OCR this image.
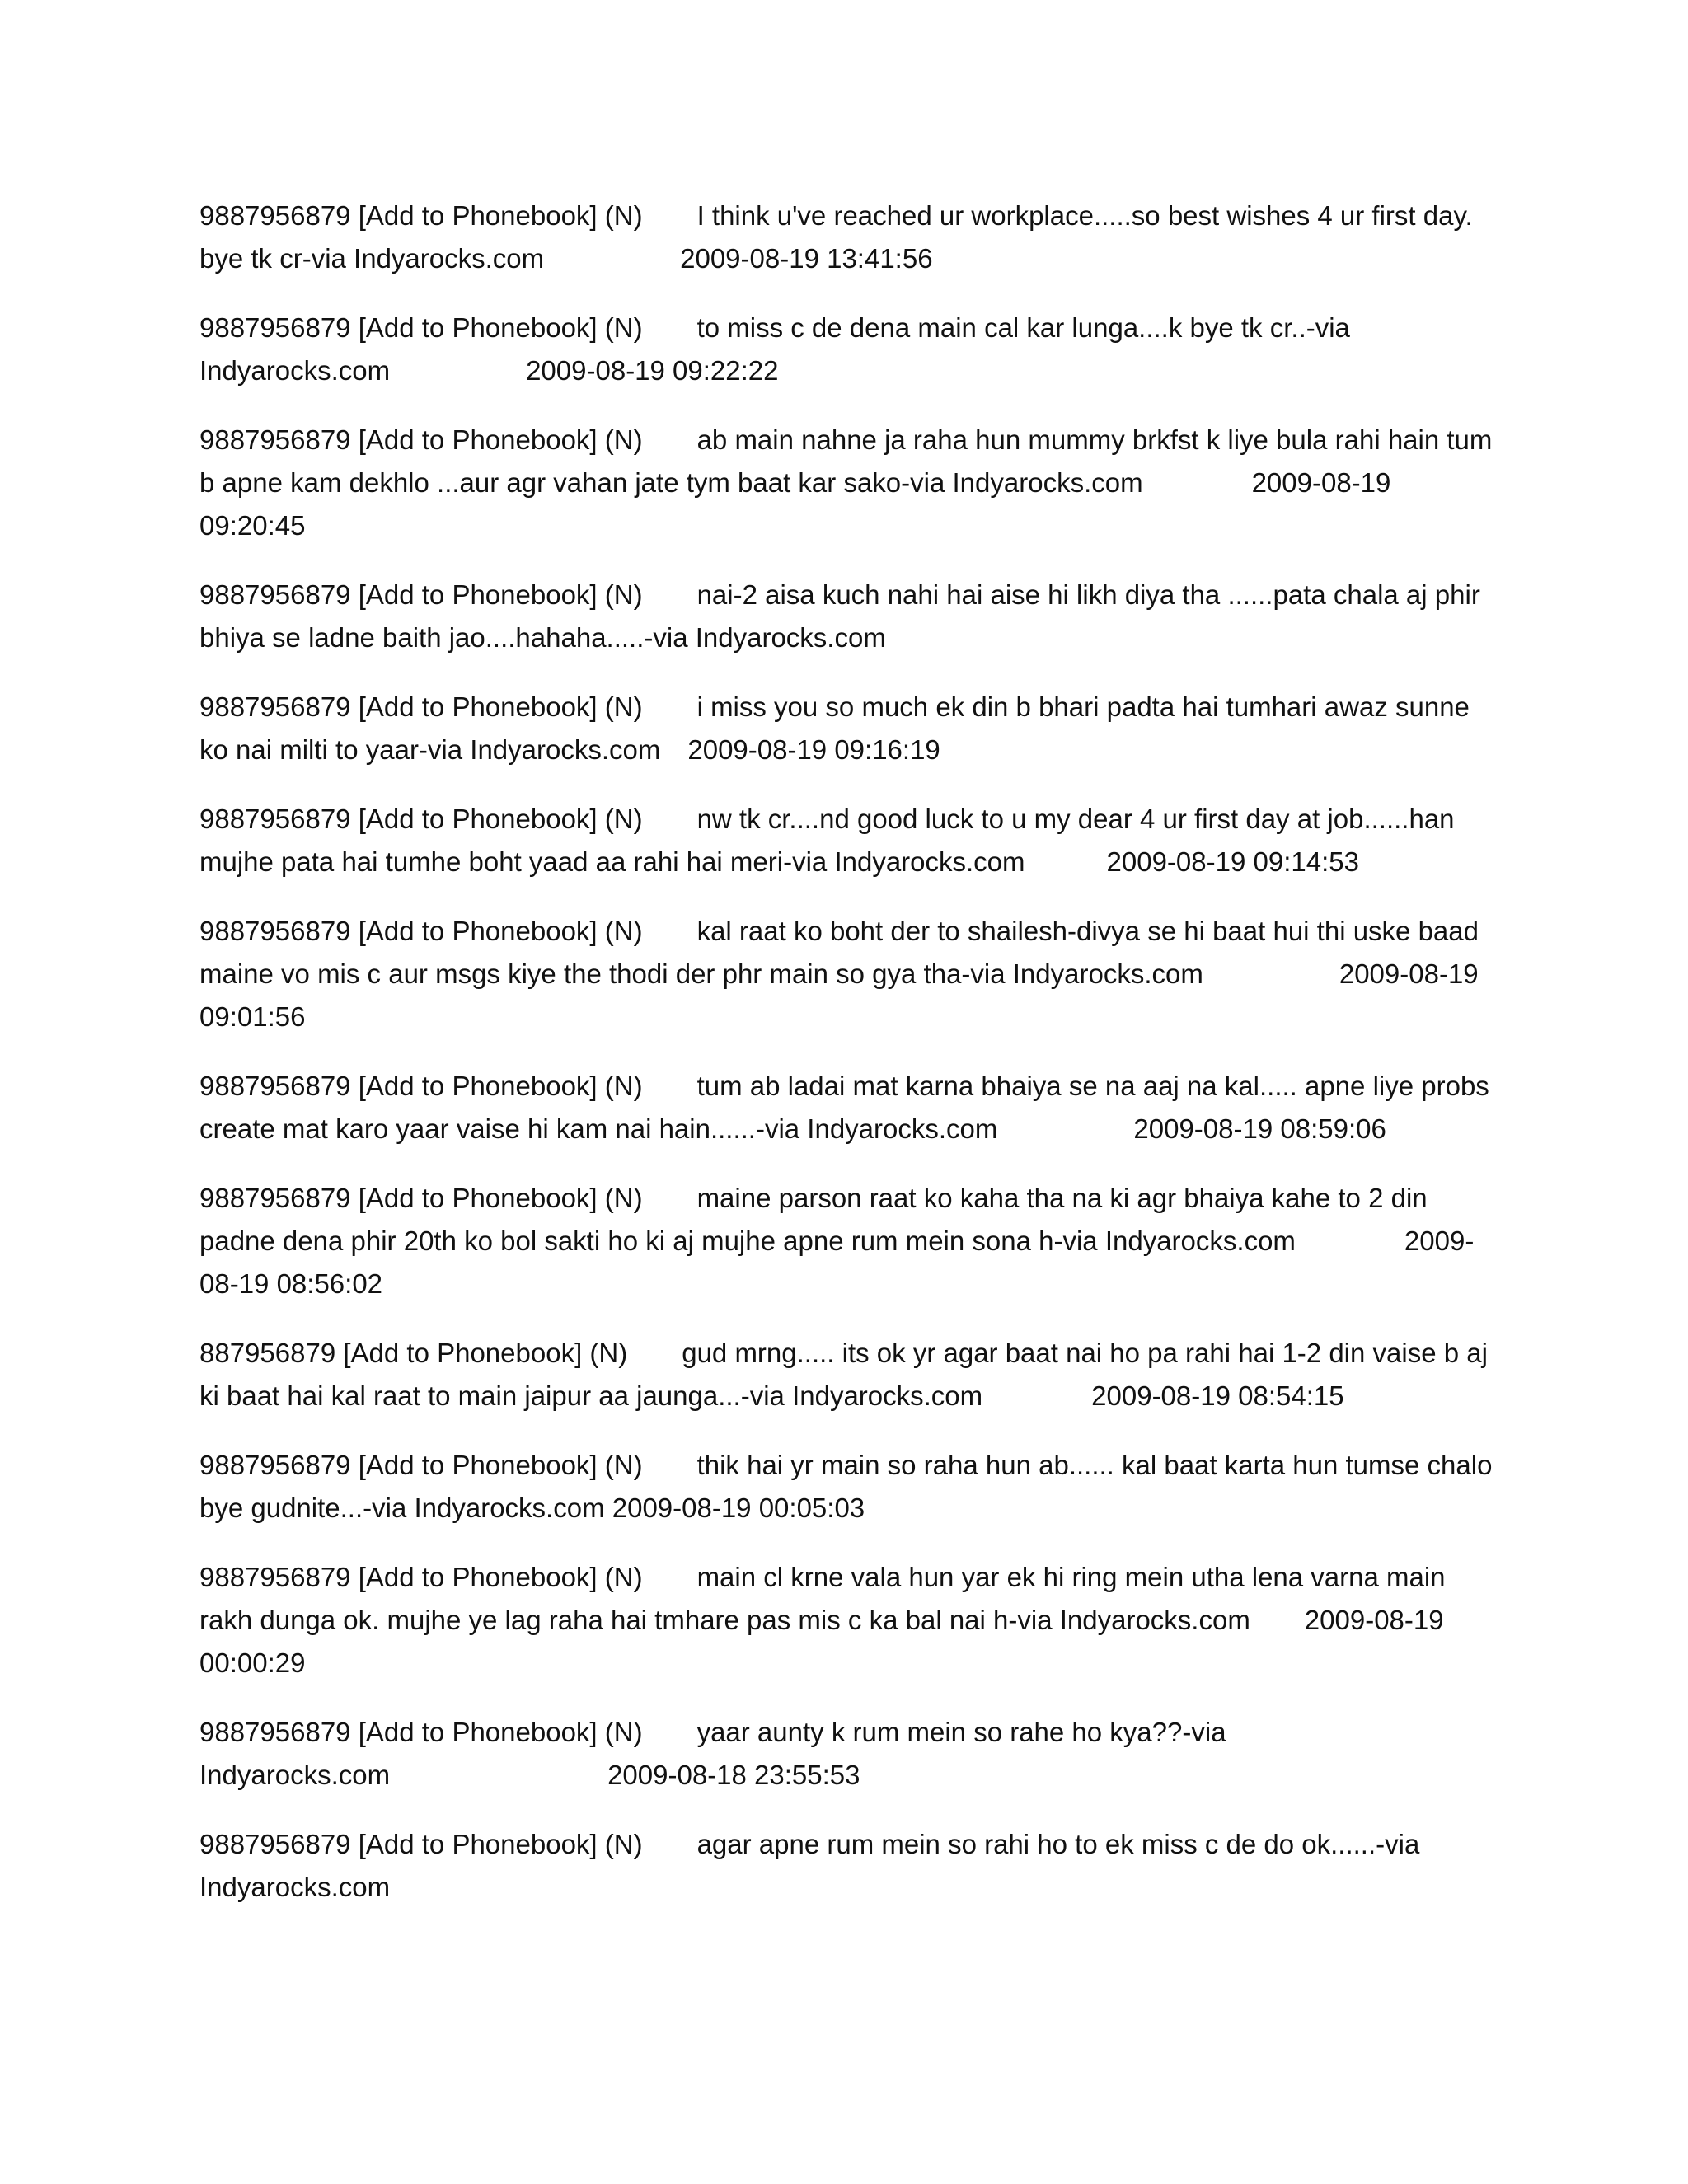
9887956879 [Add to Phonebook] (N)  I think u've reached ur workplace.....so best wishes 4 ur first day. bye tk cr-via Indyarocks.com     2009-08-19 13:41:56

9887956879 [Add to Phonebook] (N)  to miss c de dena main cal kar lunga....k bye tk cr..-via Indyarocks.com     2009-08-19 09:22:22

9887956879 [Add to Phonebook] (N)  ab main nahne ja raha hun mummy brkfst k liye bula rahi hain tum b apne kam dekhlo ...aur agr vahan jate tym baat kar sako-via Indyarocks.com    2009-08-19 09:20:45

9887956879 [Add to Phonebook] (N)  nai-2 aisa kuch nahi hai aise hi likh diya tha ......pata chala aj phir bhiya se ladne baith jao....hahaha.....-via Indyarocks.com

9887956879 [Add to Phonebook] (N)  i miss you so much ek din b bhari padta hai tumhari awaz sunne ko nai milti to yaar-via Indyarocks.com 2009-08-19 09:16:19

9887956879 [Add to Phonebook] (N)  nw tk cr....nd good luck to u my dear 4 ur first day at job......han mujhe pata hai tumhe boht yaad aa rahi hai meri-via Indyarocks.com   2009-08-19 09:14:53

9887956879 [Add to Phonebook] (N)  kal raat ko boht der to shailesh-divya se hi baat hui thi uske baad maine vo mis c aur msgs kiye the thodi der phr main so gya tha-via Indyarocks.com     2009-08-19 09:01:56

9887956879 [Add to Phonebook] (N)  tum ab ladai mat karna bhaiya se na aaj na kal..... apne liye probs create mat karo yaar vaise hi kam nai hain......-via Indyarocks.com     2009-08-19 08:59:06

9887956879 [Add to Phonebook] (N)  maine parson raat ko kaha tha na ki agr bhaiya kahe to 2 din padne dena phir 20th ko bol sakti ho ki aj mujhe apne rum mein sona h-via Indyarocks.com    2009-08-19 08:56:02

887956879 [Add to Phonebook] (N)  gud mrng..... its ok yr agar baat nai ho pa rahi hai 1-2 din vaise b aj ki baat hai kal raat to main jaipur aa jaunga...-via Indyarocks.com    2009-08-19 08:54:15

9887956879 [Add to Phonebook] (N)  thik hai yr main so raha hun ab...... kal baat karta hun tumse chalo bye gudnite...-via Indyarocks.com 2009-08-19 00:05:03

9887956879 [Add to Phonebook] (N)  main cl krne vala hun yar ek hi ring mein utha lena varna main rakh dunga ok. mujhe ye lag raha hai tmhare pas mis c ka bal nai h-via Indyarocks.com  2009-08-19 00:00:29

9887956879 [Add to Phonebook] (N)  yaar aunty k rum mein so rahe ho kya??-via Indyarocks.com        2009-08-18 23:55:53

9887956879 [Add to Phonebook] (N)  agar apne rum mein so rahi ho to ek miss c de do ok......-via Indyarocks.com
